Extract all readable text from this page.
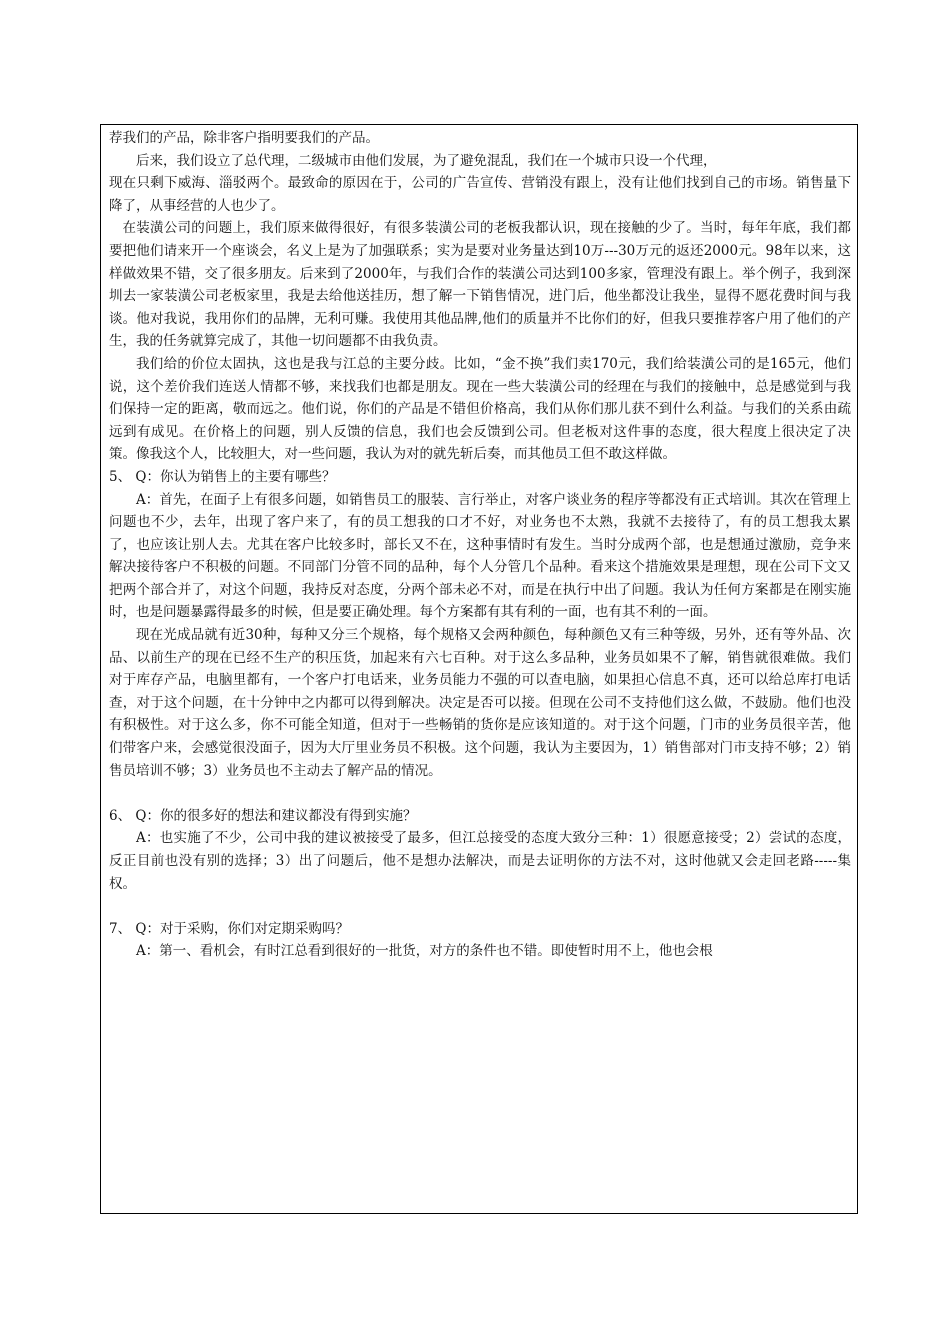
荐我们的产品，除非客户指明要我们的产品。

后来，我们设立了总代理，二级城市由他们发展，为了避免混乱，我们在一个城市只设一个代理，

现在只剩下威海、淄驳两个。最致命的原因在于，公司的广告宣传、营销没有跟上，没有让他们找到自己的市场。销售量下降了，从事经营的人也少了。

在装潢公司的问题上，我们原来做得很好，有很多装潢公司的老板我都认识，现在接触的少了。当时，每年年底，我们都要把他们请来开一个座谈会，名义上是为了加强联系；实为是要对业务量达到10万---30万元的返还2000元。98年以来，这样做效果不错，交了很多朋友。后来到了2000年，与我们合作的装潢公司达到100多家，管理没有跟上。举个例子，我到深圳去一家装潢公司老板家里，我是去给他送挂历，想了解一下销售情况，进门后，他坐都没让我坐，显得不愿花费时间与我谈。他对我说，我用你们的品牌，无利可赚。我使用其他品牌,他们的质量并不比你们的好，但我只要推荐客户用了他们的产生，我的任务就算完成了，其他一切问题都不由我负责。

我们给的价位太固执，这也是我与江总的主要分歧。比如，“金不换”我们卖170元，我们给装潢公司的是165元，他们说，这个差价我们连送人情都不够，来找我们也都是朋友。现在一些大装潢公司的经理在与我们的接触中，总是感觉到与我们保持一定的距离，敬而远之。他们说，你们的产品是不错但价格高，我们从你们那儿获不到什么利益。与我们的关系由疏远到有成见。在价格上的问题，别人反馈的信息，我们也会反馈到公司。但老板对这件事的态度，很大程度上很决定了决策。像我这个人，比较胆大，对一些问题，我认为对的就先斩后奏，而其他员工但不敢这样做。

5、 Q：你认为销售上的主要有哪些？

A：首先，在面子上有很多问题，如销售员工的服装、言行举止，对客户谈业务的程序等都没有正式培训。其次在管理上问题也不少，去年，出现了客户来了，有的员工想我的口才不好，对业务也不太熟，我就不去接待了，有的员工想我太累了，也应该让别人去。尤其在客户比较多时，部长又不在，这种事情时有发生。当时分成两个部，也是想通过激励，竞争来解决接待客户不积极的问题。不同部门分管不同的品种，每个人分管几个品种。看来这个措施效果是理想，现在公司下文又把两个部合并了，对这个问题，我持反对态度，分两个部未必不对，而是在执行中出了问题。我认为任何方案都是在刚实施时，也是问题暴露得最多的时候，但是要正确处理。每个方案都有其有利的一面，也有其不利的一面。

现在光成品就有近30种，每种又分三个规格，每个规格又会两种颜色，每种颜色又有三种等级，另外，还有等外品、次品、以前生产的现在已经不生产的积压货，加起来有六七百种。对于这么多品种，业务员如果不了解，销售就很难做。我们对于库存产品，电脑里都有，一个客户打电话来，业务员能力不强的可以查电脑，如果担心信息不真，还可以给总库打电话查，对于这个问题，在十分钟中之内都可以得到解决。决定是否可以接。但现在公司不支持他们这么做，不鼓励。他们也没有积极性。对于这么多，你不可能全知道，但对于一些畅销的货你是应该知道的。对于这个问题，门市的业务员很辛苦，他们带客户来，会感觉很没面子，因为大厅里业务员不积极。这个问题，我认为主要因为，1）销售部对门市支持不够；2）销售员培训不够；3）业务员也不主动去了解产品的情况。

6、 Q：你的很多好的想法和建议都没有得到实施？

A：也实施了不少，公司中我的建议被接受了最多，但江总接受的态度大致分三种：1）很愿意接受；2）尝试的态度，反正目前也没有别的选择；3）出了问题后，他不是想办法解决，而是去证明你的方法不对，这时他就又会走回老路-----集权。

7、 Q：对于采购，你们对定期采购吗？

A：第一、看机会，有时江总看到很好的一批货，对方的条件也不错。即使暂时用不上，他也会根
